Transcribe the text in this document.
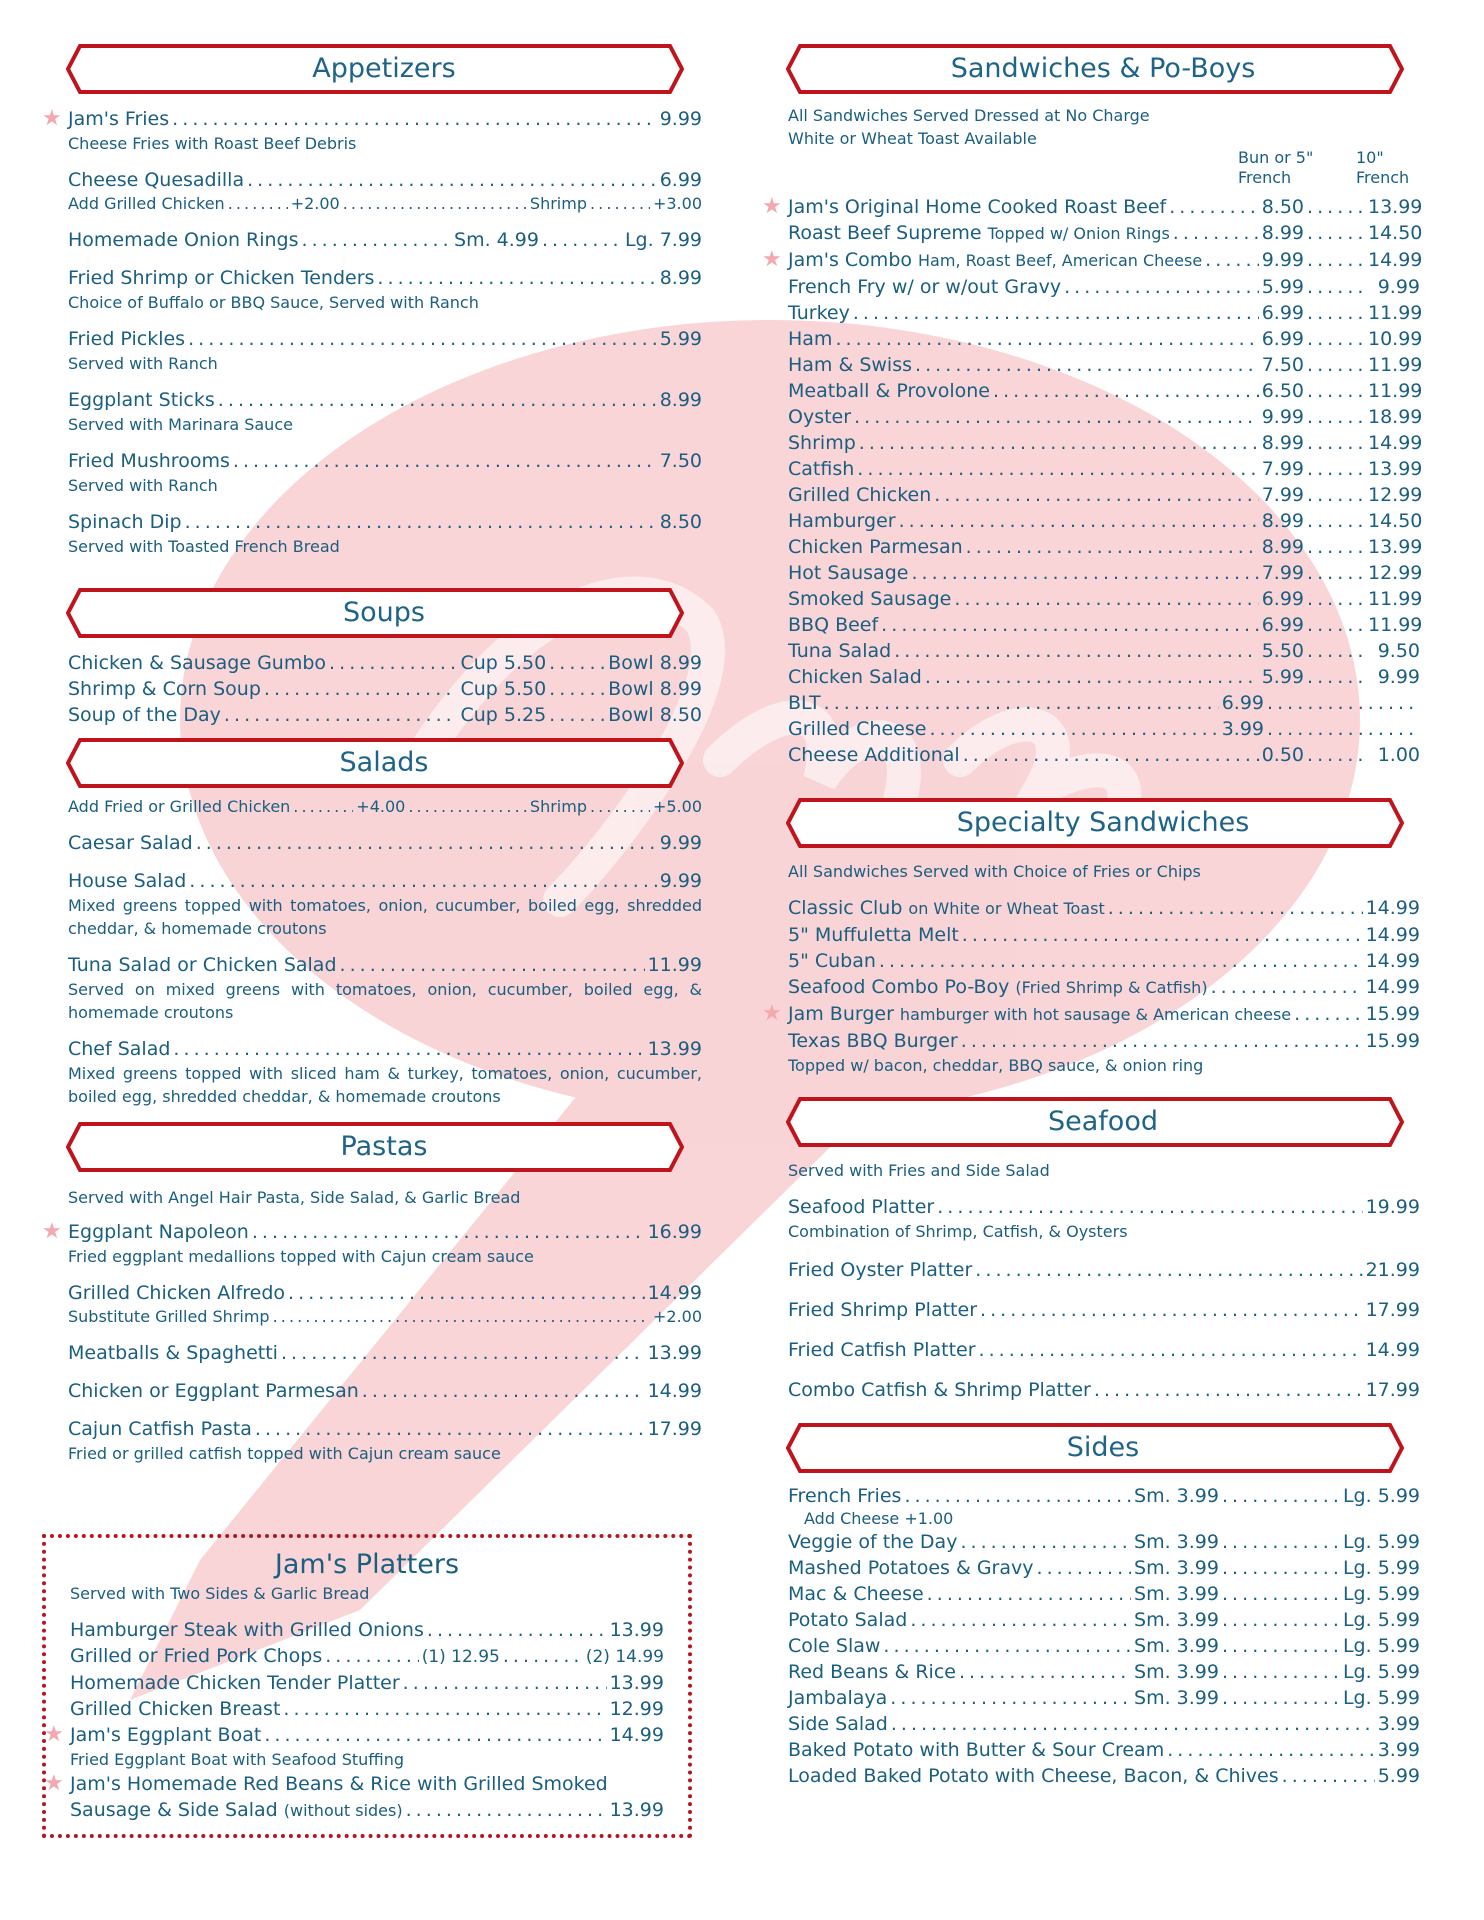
Appetizers
★ Jam's Fries . . .	9.99
Cheese Fries with Roast Beef Debris
Cheese Quesadilla . . .	6.99
Add Grilled Chicken . . .	+2.00 . . .	Shrimp . . .	+3.00
Homemade Onion Rings . . .	Sm. 4.99 . . .	Lg. 7.99
Fried Shrimp or Chicken Tenders . . .	8.99
Choice of Buffalo or BBQ Sauce, Served with Ranch
Fried Pickles . . .	5.99
Served with Ranch
Eggplant Sticks . . .	8.99
Served with Marinara Sauce
Fried Mushrooms . . .	7.50
Served with Ranch
Spinach Dip . . .	8.50
Served with Toasted French Bread
Soups
Chicken & Sausage Gumbo . . .	Cup 5.50 . . .	Bowl 8.99
Shrimp & Corn Soup . . .	Cup 5.50 . . .	Bowl 8.99
Soup of the Day . . .	Cup 5.25 . . .	Bowl 8.50
Salads
Add Fried or Grilled Chicken . . .	+4.00 . . .	Shrimp . . .	+5.00
Caesar Salad . . .	9.99
House Salad . . .	9.99
Mixed greens topped with tomatoes, onion, cucumber, boiled egg, shredded cheddar, & homemade croutons
Tuna Salad or Chicken Salad . . .	11.99
Served on mixed greens with tomatoes, onion, cucumber, boiled egg, & homemade croutons
Chef Salad . . .	13.99
Mixed greens topped with sliced ham & turkey, tomatoes, onion, cucumber, boiled egg, shredded cheddar, & homemade croutons
Pastas
Served with Angel Hair Pasta, Side Salad, & Garlic Bread
★ Eggplant Napoleon . . .	16.99
Fried eggplant medallions topped with Cajun cream sauce
Grilled Chicken Alfredo . . .	14.99
Substitute Grilled Shrimp . . .	+2.00
Meatballs & Spaghetti . . .	13.99
Chicken or Eggplant Parmesan . . .	14.99
Cajun Catfish Pasta . . .	17.99
Fried or grilled catfish topped with Cajun cream sauce
Jam's Platters
Served with Two Sides & Garlic Bread
Hamburger Steak with Grilled Onions . . .	13.99
Grilled or Fried Pork Chops . . .	(1) 12.95 . . .	(2) 14.99
Homemade Chicken Tender Platter . . .	13.99
Grilled Chicken Breast . . .	12.99
★ Jam's Eggplant Boat . . .	14.99
Fried Eggplant Boat with Seafood Stuffing
★ Jam's Homemade Red Beans & Rice with Grilled Smoked
Sausage & Side Salad (without sides) . . .	13.99
Sandwiches & Po-Boys
All Sandwiches Served Dressed at No Charge
White or Wheat Toast Available
Bun or 5"
French
10"
French
★ Jam's Original Home Cooked Roast Beef . . .	8.50 . . .	13.99
Roast Beef Supreme Topped w/ Onion Rings . . .	8.99 . . .	14.50
★ Jam's Combo Ham, Roast Beef, American Cheese . . .	9.99 . . .	14.99
French Fry w/ or w/out Gravy . . .	5.99 . . .	9.99
Turkey . . .	6.99 . . .	11.99
Ham . . .	6.99 . . .	10.99
Ham & Swiss . . .	7.50 . . .	11.99
Meatball & Provolone . . .	6.50 . . .	11.99
Oyster . . .	9.99 . . .	18.99
Shrimp . . .	8.99 . . .	14.99
Catfish . . .	7.99 . . .	13.99
Grilled Chicken . . .	7.99 . . .	12.99
Hamburger . . .	8.99 . . .	14.50
Chicken Parmesan . . .	8.99 . . .	13.99
Hot Sausage . . .	7.99 . . .	12.99
Smoked Sausage . . .	6.99 . . .	11.99
BBQ Beef . . .	6.99 . . .	11.99
Tuna Salad . . .	5.50 . . .	9.50
Chicken Salad . . .	5.99 . . .	9.99
BLT . . .	6.99
. . .
Grilled Cheese . . .	3.99
. . .
Cheese Additional . . .	0.50 . . .	1.00
Specialty Sandwiches
All Sandwiches Served with Choice of Fries or Chips
Classic Club on White or Wheat Toast . . .	14.99
5" Muffuletta Melt . . .	14.99
5" Cuban . . .	14.99
Seafood Combo Po-Boy (Fried Shrimp & Catfish) . . .	14.99
★ Jam Burger hamburger with hot sausage & American cheese . . .	15.99
Texas BBQ Burger . . .	15.99
Topped w/ bacon, cheddar, BBQ sauce, & onion ring
Seafood
Served with Fries and Side Salad
Seafood Platter . . .	19.99
Combination of Shrimp, Catfish, & Oysters
Fried Oyster Platter . . .	21.99
Fried Shrimp Platter . . .	17.99
Fried Catfish Platter . . .	14.99
Combo Catfish & Shrimp Platter . . .	17.99
Sides
French Fries . . .	Sm. 3.99 . . .	Lg. 5.99
Add Cheese +1.00
Veggie of the Day . . .	Sm. 3.99 . . .	Lg. 5.99
Mashed Potatoes & Gravy . . .	Sm. 3.99 . . .	Lg. 5.99
Mac & Cheese . . .	Sm. 3.99 . . .	Lg. 5.99
Potato Salad . . .	Sm. 3.99 . . .	Lg. 5.99
Cole Slaw . . .	Sm. 3.99 . . .	Lg. 5.99
Red Beans & Rice . . .	Sm. 3.99 . . .	Lg. 5.99
Jambalaya . . .	Sm. 3.99 . . .	Lg. 5.99
Side Salad . . .	3.99
Baked Potato with Butter & Sour Cream . . .	3.99
Loaded Baked Potato with Cheese, Bacon, & Chives . . .	5.99
